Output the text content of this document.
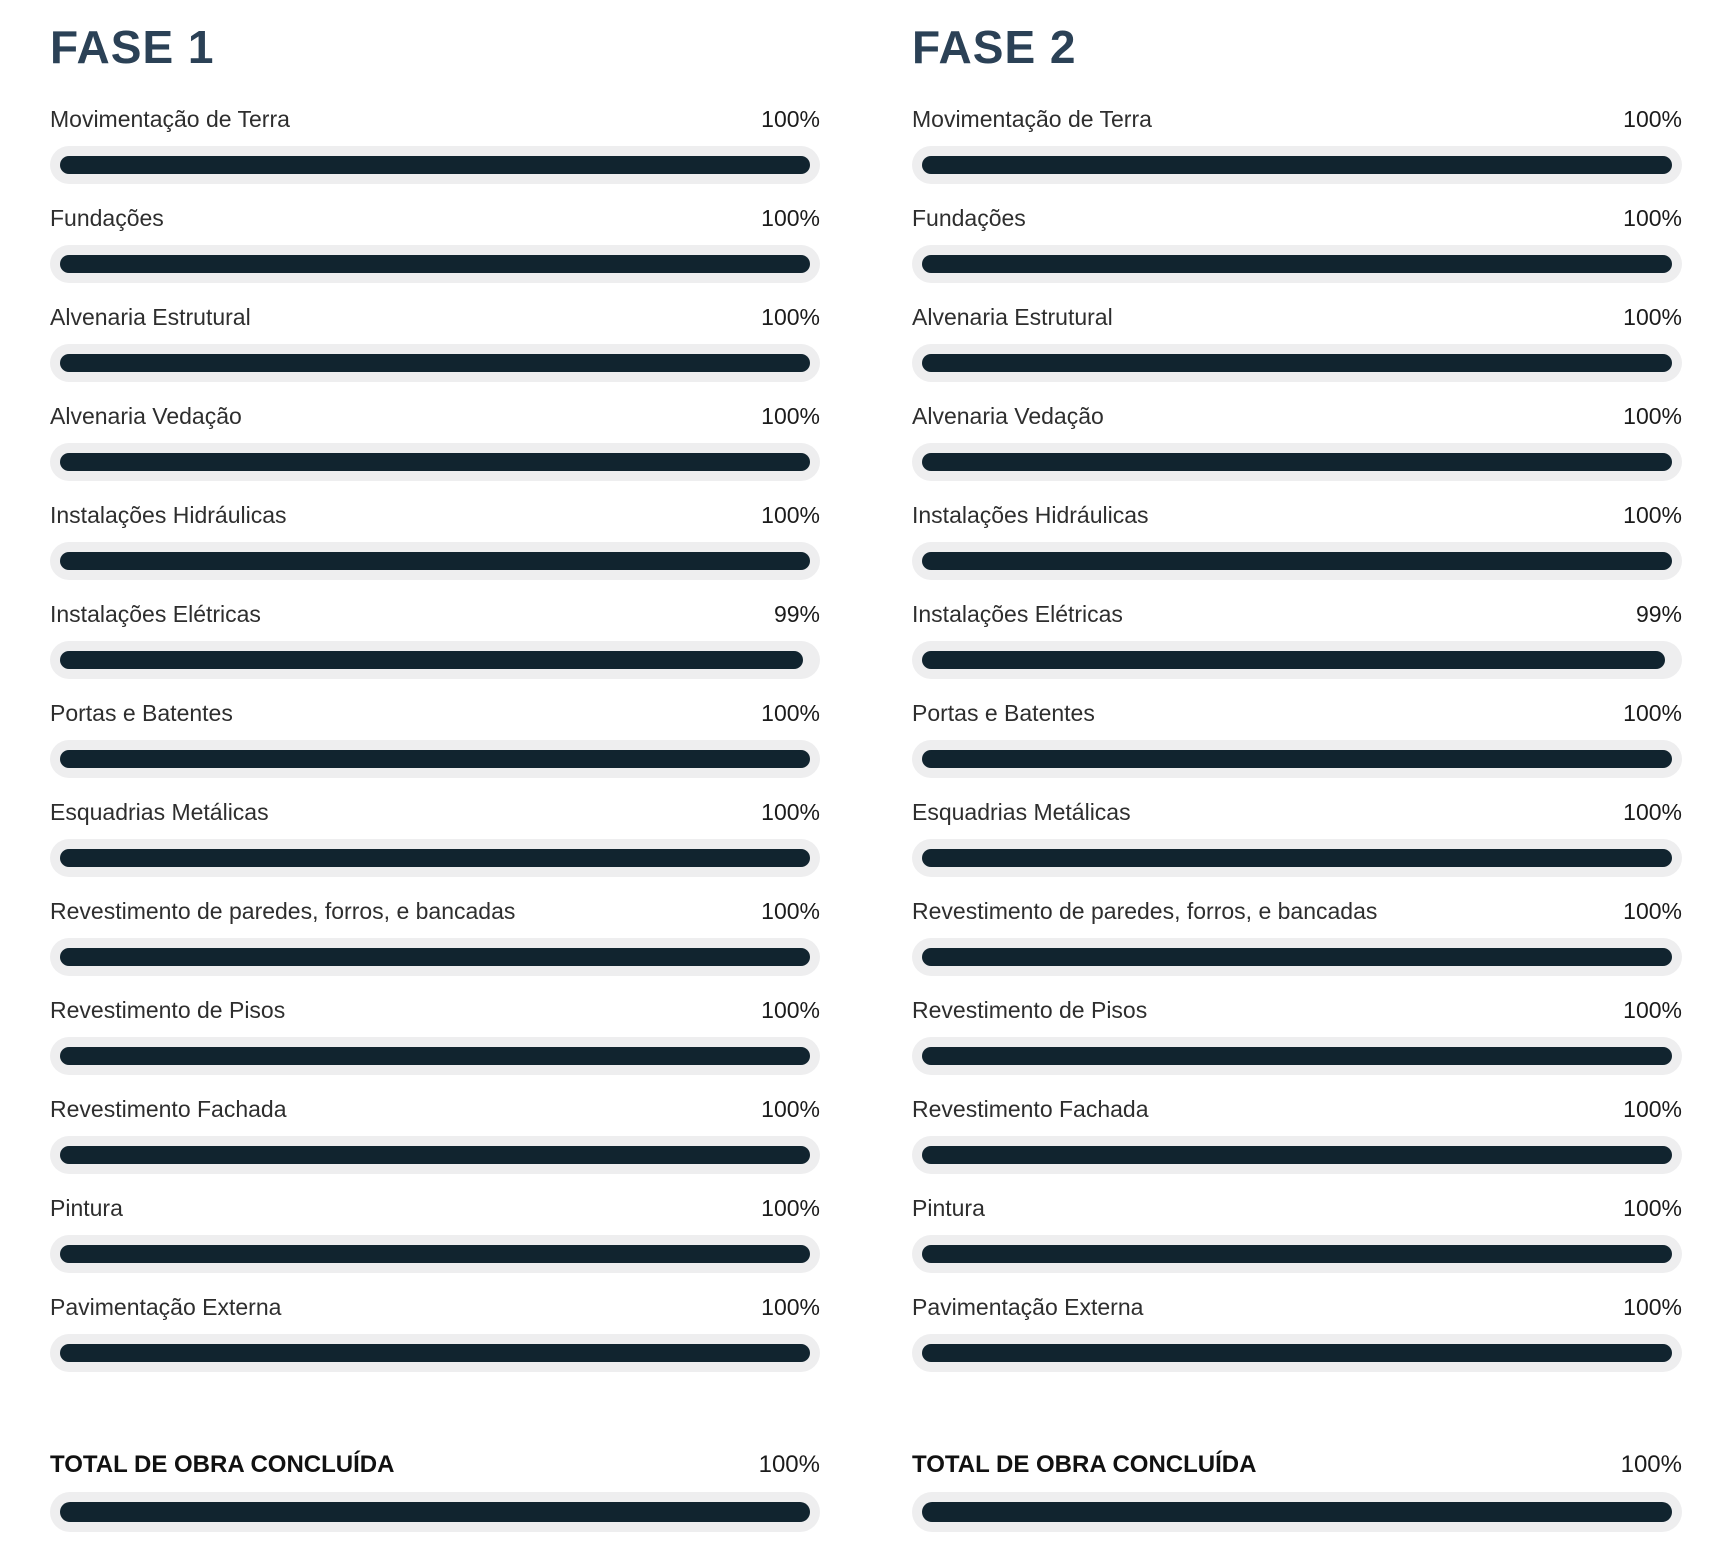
FASE 1
Movimentação de Terra	100%
Fundações	100%
Alvenaria Estrutural	100%
Alvenaria Vedação	100%
Instalações Hidráulicas	100%
Instalações Elétricas	99%
Portas e Batentes	100%
Esquadrias Metálicas	100%
Revestimento de paredes, forros, e bancadas	100%
Revestimento de Pisos	100%
Revestimento Fachada	100%
Pintura	100%
Pavimentação Externa	100%
TOTAL DE OBRA CONCLUÍDA	100%
FASE 2
Movimentação de Terra	100%
Fundações	100%
Alvenaria Estrutural	100%
Alvenaria Vedação	100%
Instalações Hidráulicas	100%
Instalações Elétricas	99%
Portas e Batentes	100%
Esquadrias Metálicas	100%
Revestimento de paredes, forros, e bancadas	100%
Revestimento de Pisos	100%
Revestimento Fachada	100%
Pintura	100%
Pavimentação Externa	100%
TOTAL DE OBRA CONCLUÍDA	100%
